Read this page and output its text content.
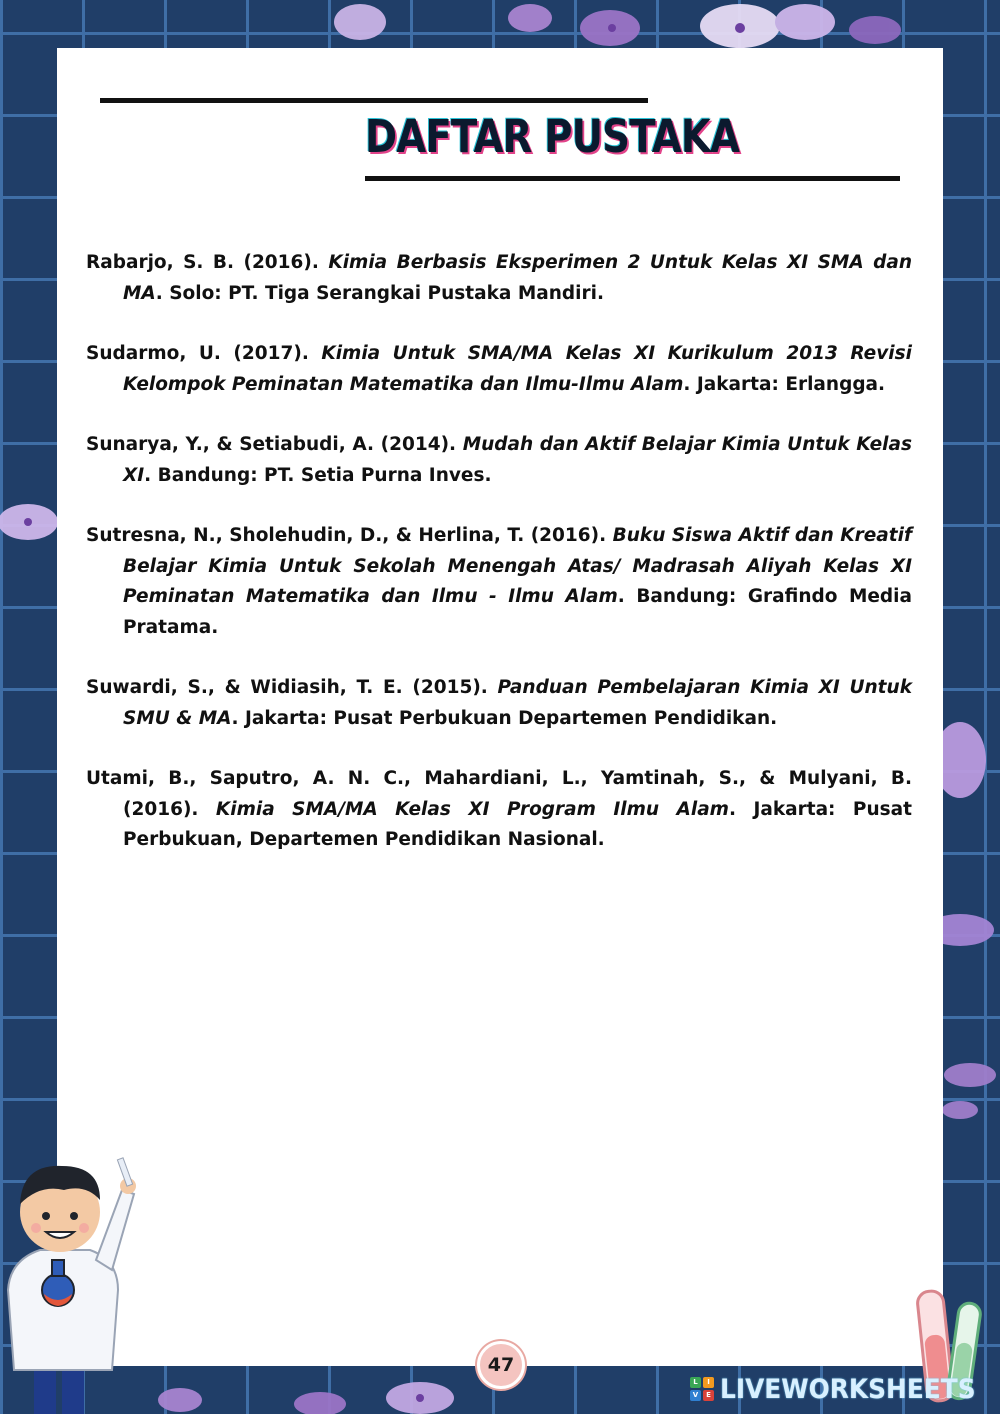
DAFTAR PUSTAKA
Rabarjo, S. B. (2016). Kimia Berbasis Eksperimen 2 Untuk Kelas XI SMA dan MA. Solo: PT. Tiga Serangkai Pustaka Mandiri.
Sudarmo, U. (2017). Kimia Untuk SMA/MA Kelas XI Kurikulum 2013 Revisi Kelompok Peminatan Matematika dan Ilmu-Ilmu Alam. Jakarta: Erlangga.
Sunarya, Y., & Setiabudi, A. (2014). Mudah dan Aktif Belajar Kimia Untuk Kelas XI. Bandung: PT. Setia Purna Inves.
Sutresna, N., Sholehudin, D., & Herlina, T. (2016). Buku Siswa Aktif dan Kreatif Belajar Kimia Untuk Sekolah Menengah Atas/ Madrasah Aliyah Kelas XI Peminatan Matematika dan Ilmu - Ilmu Alam. Bandung: Grafindo Media Pratama.
Suwardi, S., & Widiasih, T. E. (2015). Panduan Pembelajaran Kimia XI Untuk SMU & MA. Jakarta: Pusat Perbukuan Departemen Pendidikan.
Utami, B., Saputro, A. N. C., Mahardiani, L., Yamtinah, S., & Mulyani, B. (2016). Kimia SMA/MA Kelas XI Program Ilmu Alam. Jakarta: Pusat Perbukuan, Departemen Pendidikan Nasional.
47
L	I
V	E LIVEWORKSHEETS
